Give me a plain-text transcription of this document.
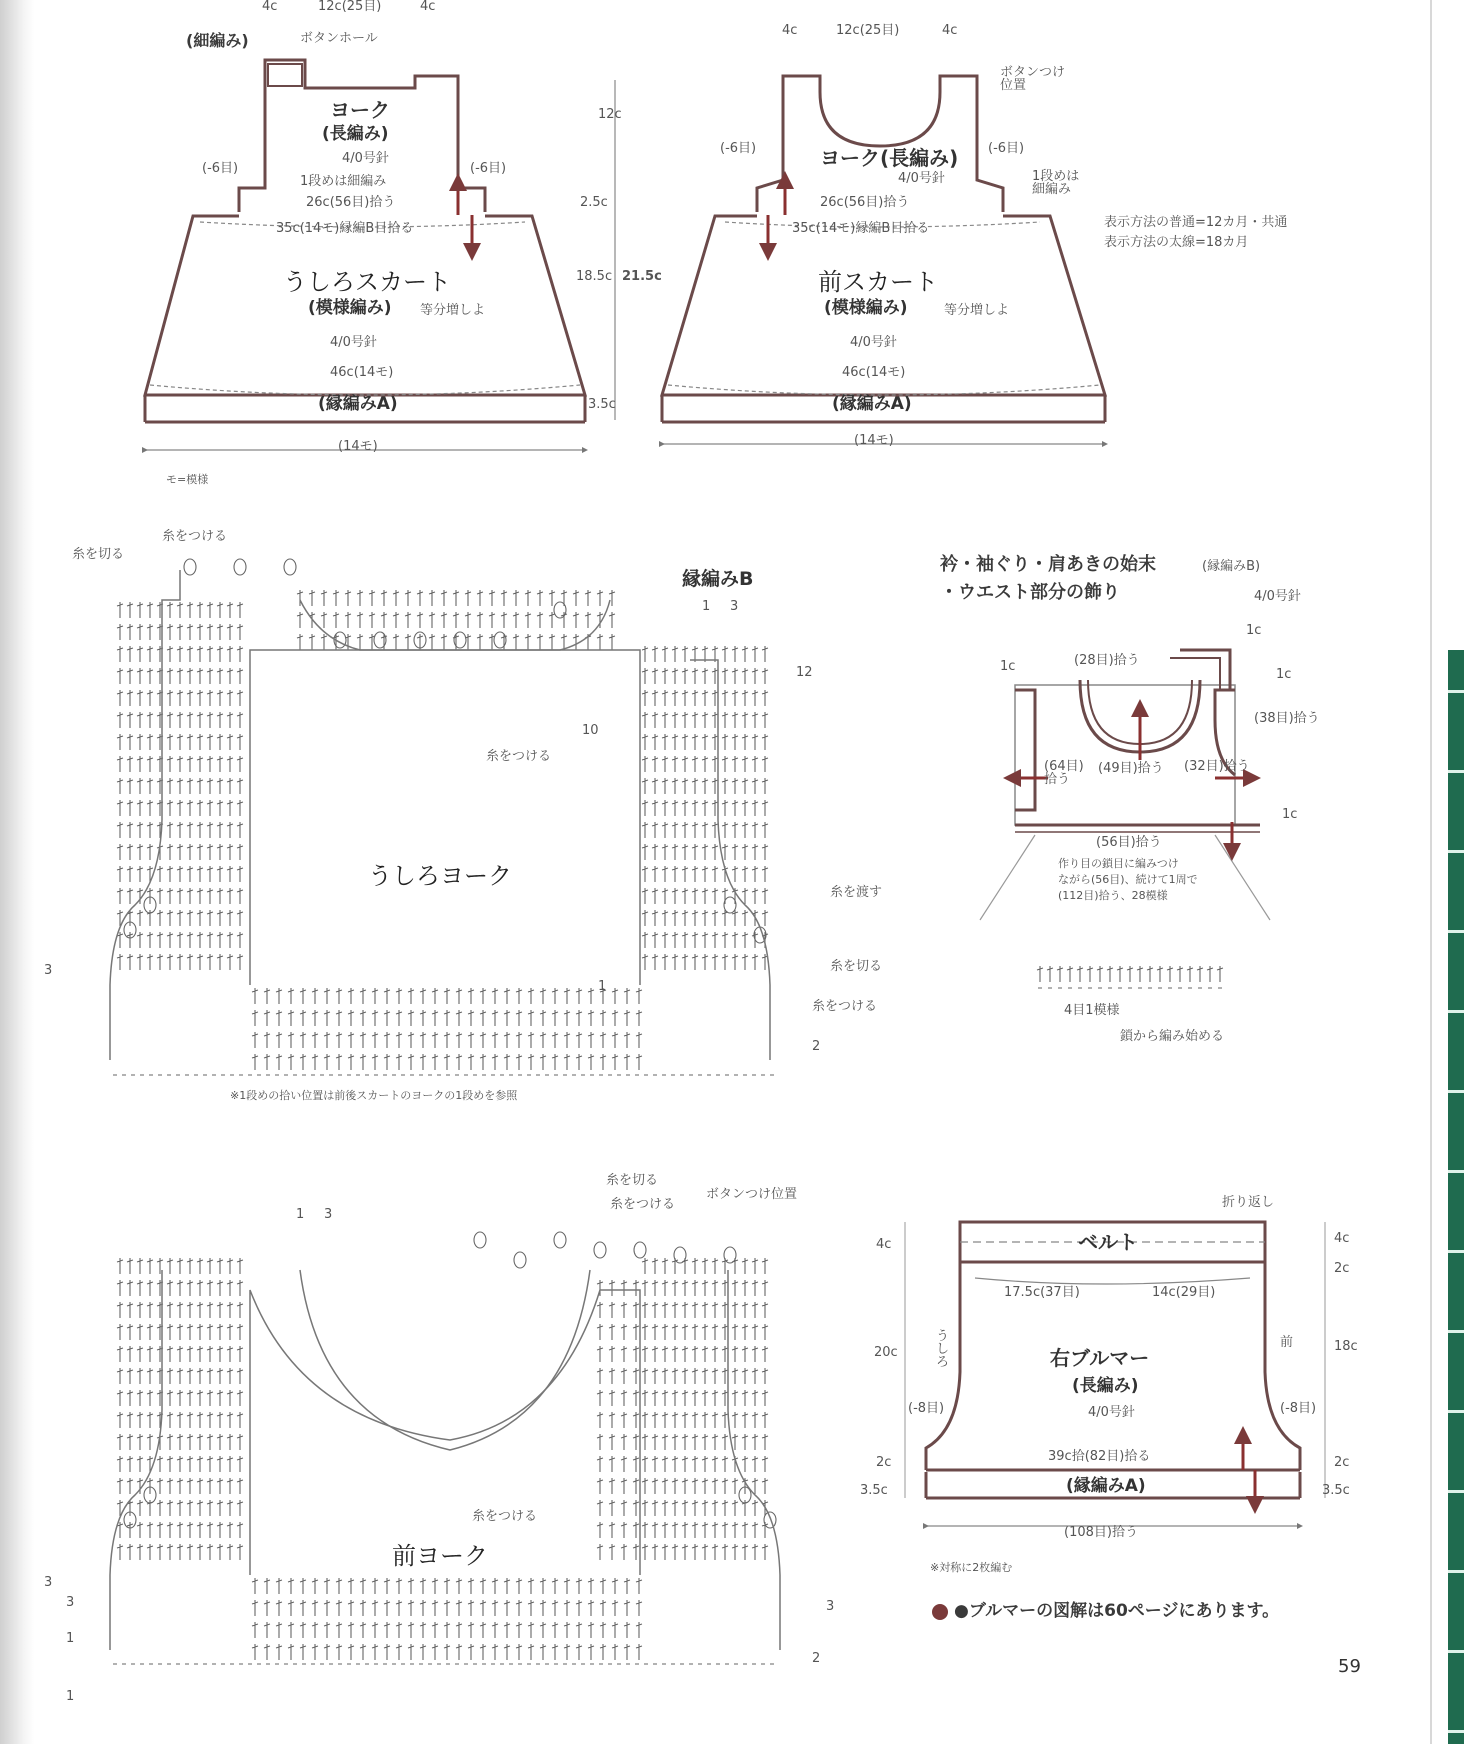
4c	12c(25目)	4c
(細編み)	ボタンホール
ヨーク
(長編み)
4/0号針
(-6目)	(-6目)
1段めは細編み
26c(56目)拾う
35c(14モ)縁編B目拾る
うしろスカート
(模様編み) 等分増しよ
4/0号針
46c(14モ)
(縁編みA)
(14モ)
モ=模様
12c
2.5c
18.5c 21.5c
3.5c
4c	12c(25目)	4c
ボタンつけ位置
(-6目)	(-6目)
ヨーク(長編み)
4/0号針	1段めは細編み
26c(56目)拾う
35c(14モ)縁編B目拾る
前スカート
(模様編み)	等分増しよ
4/0号針
46c(14モ)
(縁編みA)
(14モ)
表示方法の普通=12カ月・共通
表示方法の太線=18カ月
糸を切る
糸をつける
糸をつける
縁編みB
1 3
10
12
うしろヨーク
糸を渡す
糸を切る
糸をつける
1
2
3
※1段めの拾い位置は前後スカートのヨークの1段めを参照
衿・袖ぐり・肩あきの始末	(縁編みB)
・ウエスト部分の飾り	4/0号針
(28目)拾う
(49目)拾う (32目)拾う
(64目)拾う
(38目)拾う
(56目)拾う
1c
1c
1c
1c
作り目の鎖目に編みつけ
ながら(56目)、続けて1周で
(112目)拾う、28模様
4目1模様
鎖から編み始める
糸を切る
糸をつける
ボタンつけ位置
糸をつける
前ヨーク
1 3
3
1
3
1
2
3
折り返し
ベルト
17.5c(37目)	14c(29目)
右ブルマー
(長編み)
4/0号針
うしろ
前
(-8目)	(-8目)
39c拾(82目)拾る
(縁編みA)
(108目)拾う
4c
20c
2c
3.5c
4c
2c
18c
2c
3.5c
※対称に2枚編む
●ブルマーの図解は60ページにあります。
59
